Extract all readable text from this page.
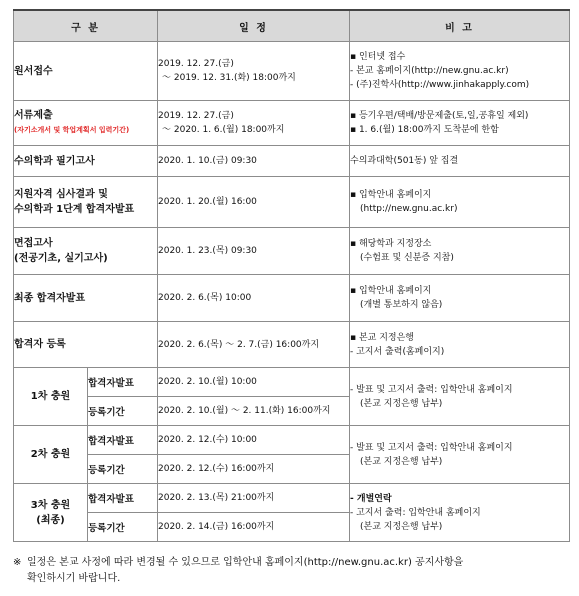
구 분		일 정	비 고
원서접수		2019. 12. 27.(금)
～ 2019. 12. 31.(화) 18:00까지	▪ 인터넷 접수
- 본교 홈페이지(http://new.gnu.ac.kr)
- (주)진학사(http://www.jinhakapply.com)

서류제출
(자기소개서 및 학업계획서 입력기간)		2019. 12. 27.(금)
～ 2020. 1. 6.(월) 18:00까지	▪ 등기우편/택배/방문제출(토,일,공휴일 제외)
▪ 1. 6.(월) 18:00까지 도착분에 한함

수의학과 필기고사		2020. 1. 10.(금) 09:30	수의과대학(501동) 앞 집결

지원자격 심사결과 및
수의학과 1단계 합격자발표		2020. 1. 20.(월) 16:00	▪ 입학안내 홈페이지
(http://new.gnu.ac.kr)

면접고사
(전공기초, 실기고사)		2020. 1. 23.(목) 09:30	▪ 해당학과 지정장소
(수험표 및 신분증 지참)

최종 합격자발표		2020. 2. 6.(목) 10:00	▪ 입학안내 홈페이지
(개별 통보하지 않음)

합격자 등록		2020. 2. 6.(목) ～ 2. 7.(금) 16:00까지	▪ 본교 지정은행
- 고지서 출력(홈페이지)

1차 충원	합격자발표	2020. 2. 10.(월) 10:00	- 발표 및 고지서 출력: 입학안내 홈페이지
(본교 지정은행 납부)

	등록기간	2020. 2. 10.(월) ～ 2. 11.(화) 16:00까지	
2차 충원	합격자발표	2020. 2. 12.(수) 10:00	- 발표 및 고지서 출력: 입학안내 홈페이지
(본교 지정은행 납부)

	등록기간	2020. 2. 12.(수) 16:00까지	

3차 충원
(최종)	합격자발표	2020. 2. 13.(목) 21:00까지	- 개별연락
- 고지서 출력: 입학안내 홈페이지
(본교 지정은행 납부)

	등록기간	2020. 2. 14.(금) 16:00까지	
※ 일정은 본교 사정에 따라 변경될 수 있으므로 입학안내 홈페이지(http://new.gnu.ac.kr) 공지사항을
확인하시기 바랍니다.
